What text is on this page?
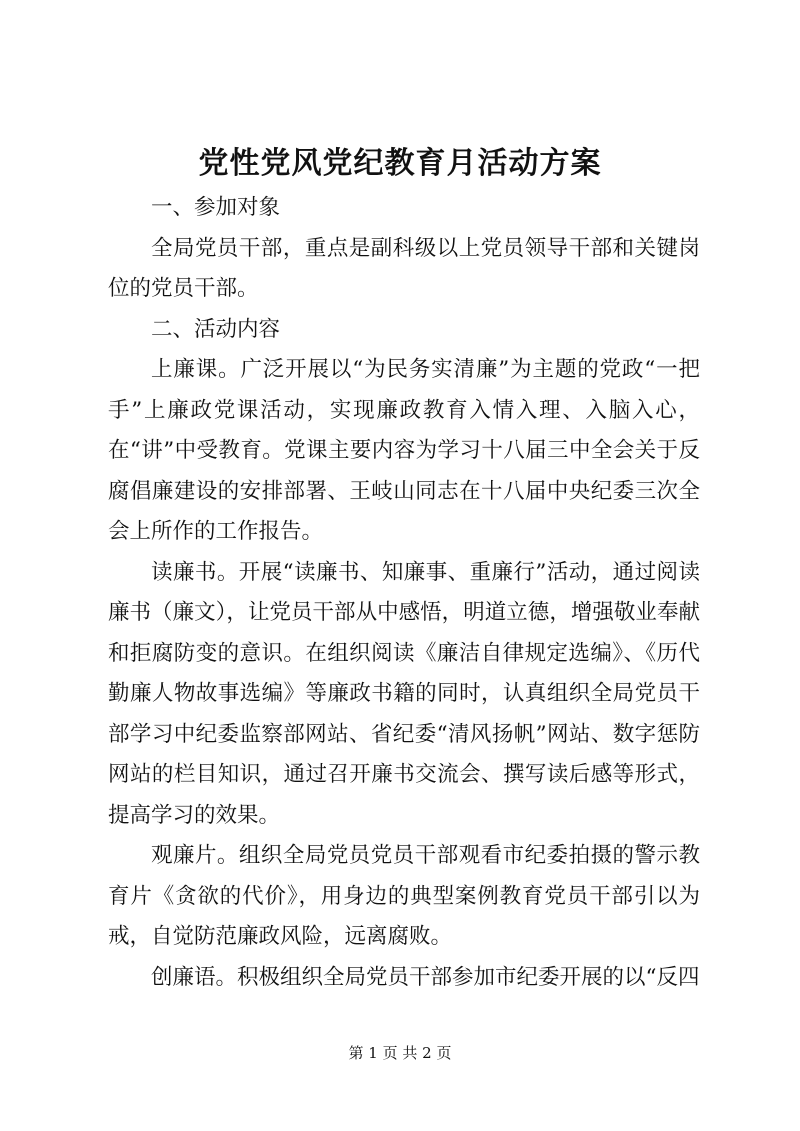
党性党风党纪教育月活动方案

一、参加对象

全局党员干部，重点是副科级以上党员领导干部和关键岗位的党员干部。

二、活动内容

上廉课。广泛开展以“为民务实清廉”为主题的党政“一把手”上廉政党课活动，实现廉政教育入情入理、入脑入心，在“讲”中受教育。党课主要内容为学习十八届三中全会关于反腐倡廉建设的安排部署、王岐山同志在十八届中央纪委三次全会上所作的工作报告。

读廉书。开展“读廉书、知廉事、重廉行”活动，通过阅读廉书（廉文），让党员干部从中感悟，明道立德，增强敬业奉献和拒腐防变的意识。在组织阅读《廉洁自律规定选编》、《历代勤廉人物故事选编》等廉政书籍的同时，认真组织全局党员干部学习中纪委监察部网站、省纪委“清风扬帆”网站、数字惩防网站的栏目知识，通过召开廉书交流会、撰写读后感等形式，提高学习的效果。

观廉片。组织全局党员党员干部观看市纪委拍摄的警示教育片《贪欲的代价》，用身边的典型案例教育党员干部引以为戒，自觉防范廉政风险，远离腐败。

创廉语。积极组织全局党员干部参加市纪委开展的以“反四

第 1 页 共 2 页
